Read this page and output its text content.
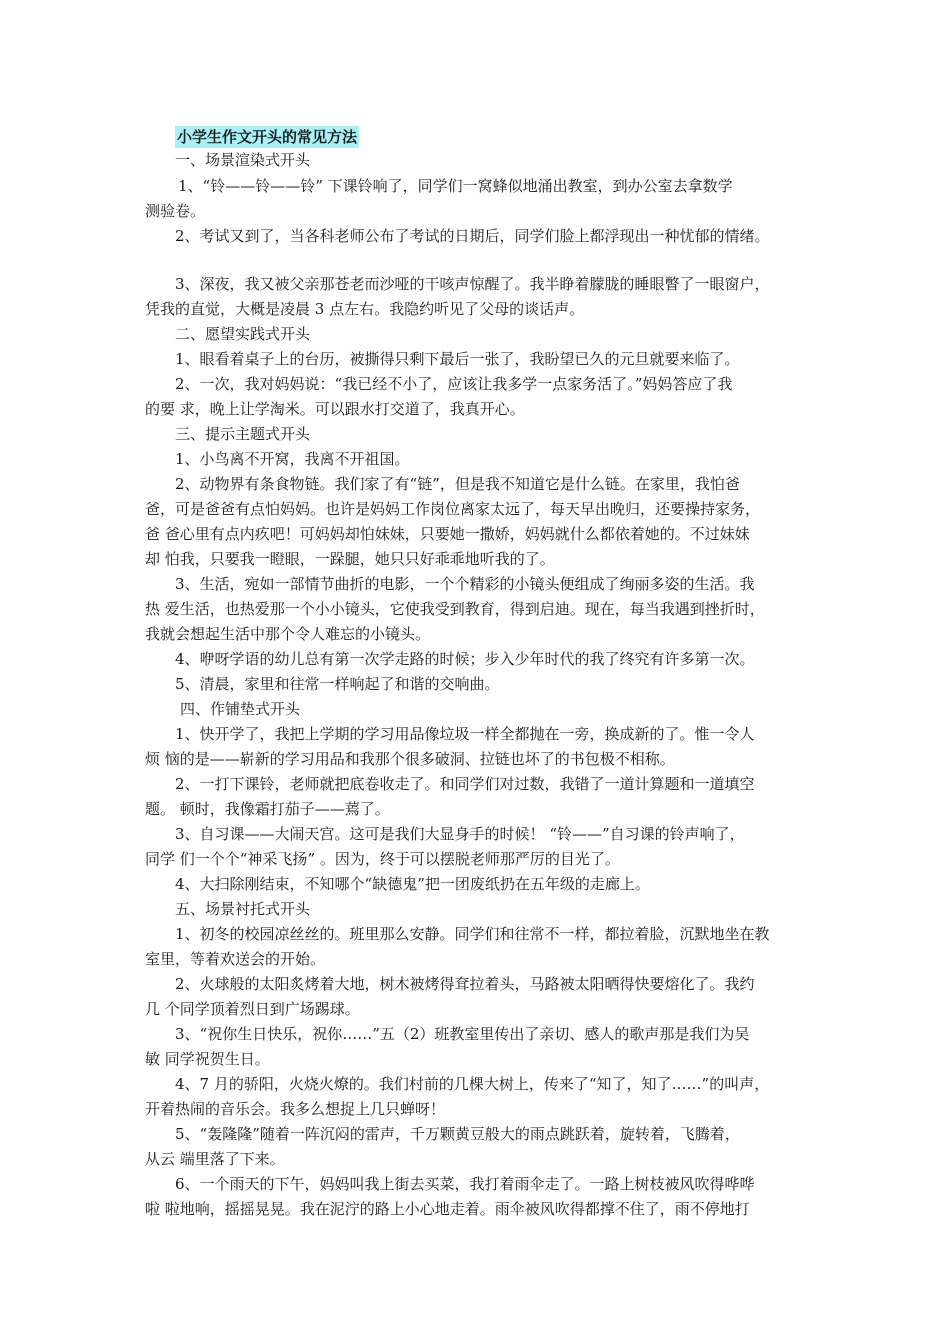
小学生作文开头的常见方法
一、场景渲染式开头
1、“铃——铃——铃” 下课铃响了，同学们一窝蜂似地涌出教室，到办公室去拿数学
测验卷。
2、考试又到了，当各科老师公布了考试的日期后，同学们脸上都浮现出一种忧郁的情绪。
3、深夜，我又被父亲那苍老而沙哑的干咳声惊醒了。我半睁着朦胧的睡眼瞥了一眼窗户，
凭我的直觉，大概是凌晨 3 点左右。我隐约听见了父母的谈话声。
二、愿望实践式开头
1、眼看着桌子上的台历，被撕得只剩下最后一张了，我盼望已久的元旦就要来临了。
2、一次，我对妈妈说：“我已经不小了，应该让我多学一点家务活了。”妈妈答应了我
的要 求，晚上让学淘米。可以跟水打交道了，我真开心。
三、提示主题式开头
1、小鸟离不开窝，我离不开祖国。
2、动物界有条食物链。我们家了有“链”，但是我不知道它是什么链。在家里，我怕爸
爸，可是爸爸有点怕妈妈。也许是妈妈工作岗位离家太远了，每天早出晚归，还要操持家务，
爸 爸心里有点内疚吧！可妈妈却怕妹妹，只要她一撒娇，妈妈就什么都依着她的。不过妹妹
却 怕我，只要我一瞪眼，一跺腿，她只只好乖乖地听我的了。
3、生活，宛如一部情节曲折的电影，一个个精彩的小镜头便组成了绚丽多姿的生活。我
热 爱生活，也热爱那一个小小镜头，它使我受到教育，得到启迪。现在，每当我遇到挫折时，
我就会想起生活中那个令人难忘的小镜头。
4、咿呀学语的幼儿总有第一次学走路的时候；步入少年时代的我了终究有许多第一次。
5、清晨，家里和往常一样响起了和谐的交响曲。
四、作铺垫式开头
1、快开学了，我把上学期的学习用品像垃圾一样全都抛在一旁，换成新的了。惟一令人
烦 恼的是——崭新的学习用品和我那个很多破洞、拉链也坏了的书包极不相称。
2、一打下课铃，老师就把底卷收走了。和同学们对过数，我错了一道计算题和一道填空
题。 顿时，我像霜打茄子——蔫了。
3、自习课——大闹天宫。这可是我们大显身手的时候！ “铃——”自习课的铃声响了，
同学 们一个个“神采飞扬” 。因为，终于可以摆脱老师那严厉的目光了。
4、大扫除刚结束，不知哪个“缺德鬼”把一团废纸扔在五年级的走廊上。
五、场景衬托式开头
1、初冬的校园凉丝丝的。班里那么安静。同学们和往常不一样，都拉着脸，沉默地坐在教
室里，等着欢送会的开始。
2、火球般的太阳炙烤着大地，树木被烤得耷拉着头，马路被太阳晒得快要熔化了。我约
几 个同学顶着烈日到广场踢球。
3、“祝你生日快乐，祝你……”五（2）班教室里传出了亲切、感人的歌声那是我们为吴
敏 同学祝贺生日。
4、7 月的骄阳，火烧火燎的。我们村前的几棵大树上，传来了“知了，知了……”的叫声，
开着热闹的音乐会。我多么想捉上几只蝉呀！
5、“轰隆隆”随着一阵沉闷的雷声，千万颗黄豆般大的雨点跳跃着，旋转着，飞腾着，
从云 端里落了下来。
6、一个雨天的下午，妈妈叫我上街去买菜，我打着雨伞走了。一路上树枝被风吹得哗哗
啦 啦地响，摇摇晃晃。我在泥泞的路上小心地走着。雨伞被风吹得都撑不住了，雨不停地打
